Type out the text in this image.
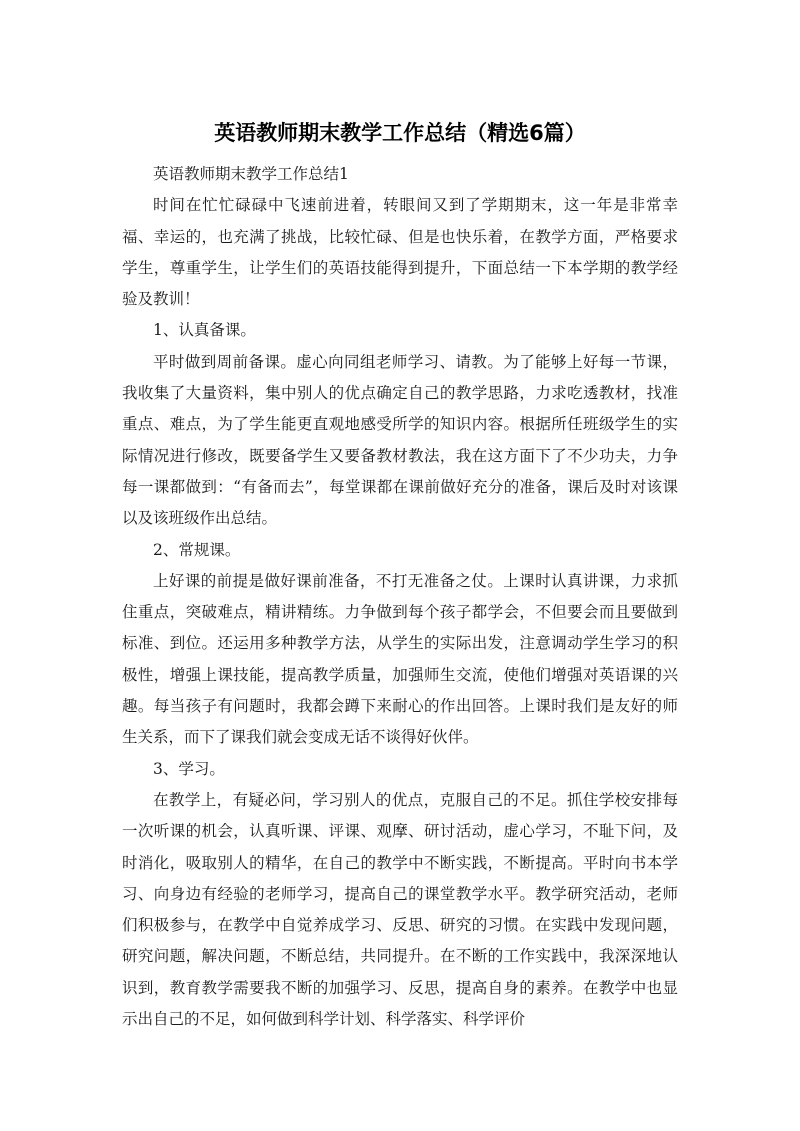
英语教师期末教学工作总结（精选6篇）

英语教师期末教学工作总结1

时间在忙忙碌碌中飞速前进着，转眼间又到了学期期末，这一年是非常幸福、幸运的，也充满了挑战，比较忙碌、但是也快乐着，在教学方面，严格要求学生，尊重学生，让学生们的英语技能得到提升，下面总结一下本学期的教学经验及教训！

1、认真备课。

平时做到周前备课。虚心向同组老师学习、请教。为了能够上好每一节课，我收集了大量资料，集中别人的优点确定自己的教学思路，力求吃透教材，找准重点、难点，为了学生能更直观地感受所学的知识内容。根据所任班级学生的实际情况进行修改，既要备学生又要备教材教法，我在这方面下了不少功夫，力争每一课都做到：“有备而去”，每堂课都在课前做好充分的准备，课后及时对该课以及该班级作出总结。

2、常规课。

上好课的前提是做好课前准备，不打无准备之仗。上课时认真讲课，力求抓住重点，突破难点，精讲精练。力争做到每个孩子都学会，不但要会而且要做到标准、到位。还运用多种教学方法，从学生的实际出发，注意调动学生学习的积极性，增强上课技能，提高教学质量，加强师生交流，使他们增强对英语课的兴趣。每当孩子有问题时，我都会蹲下来耐心的作出回答。上课时我们是友好的师生关系，而下了课我们就会变成无话不谈得好伙伴。

3、学习。

在教学上，有疑必问，学习别人的优点，克服自己的不足。抓住学校安排每一次听课的机会，认真听课、评课、观摩、研讨活动，虚心学习，不耻下问，及时消化，吸取别人的精华，在自己的教学中不断实践，不断提高。平时向书本学习、向身边有经验的老师学习，提高自己的课堂教学水平。教学研究活动，老师们积极参与，在教学中自觉养成学习、反思、研究的习惯。在实践中发现问题，研究问题，解决问题，不断总结，共同提升。在不断的工作实践中，我深深地认识到，教育教学需要我不断的加强学习、反思，提高自身的素养。在教学中也显示出自己的不足，如何做到科学计划、科学落实、科学评价
